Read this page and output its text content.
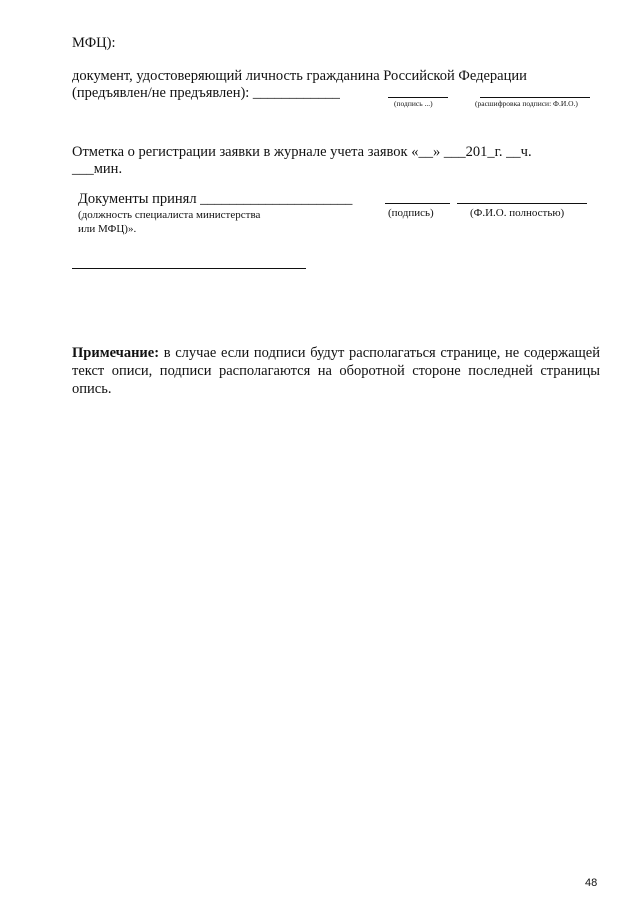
МФЦ):
документ, удостоверяющий личность гражданина Российской Федерации
(предъявлен/не предъявлен): ____________
(подпись ...)	(расшифровка подписи: Ф.И.О.)
Отметка о регистрации заявки в журнале учета заявок «__» ___201_г. __ч.
___мин.
Документы принял _____________________
(подпись)	(Ф.И.О. полностью)
(должность специалиста министерства
или МФЦ)».
Примечание: в случае если подписи будут располагаться странице, не содержащей текст описи, подписи располагаются на оборотной стороне последней страницы опись.
48
